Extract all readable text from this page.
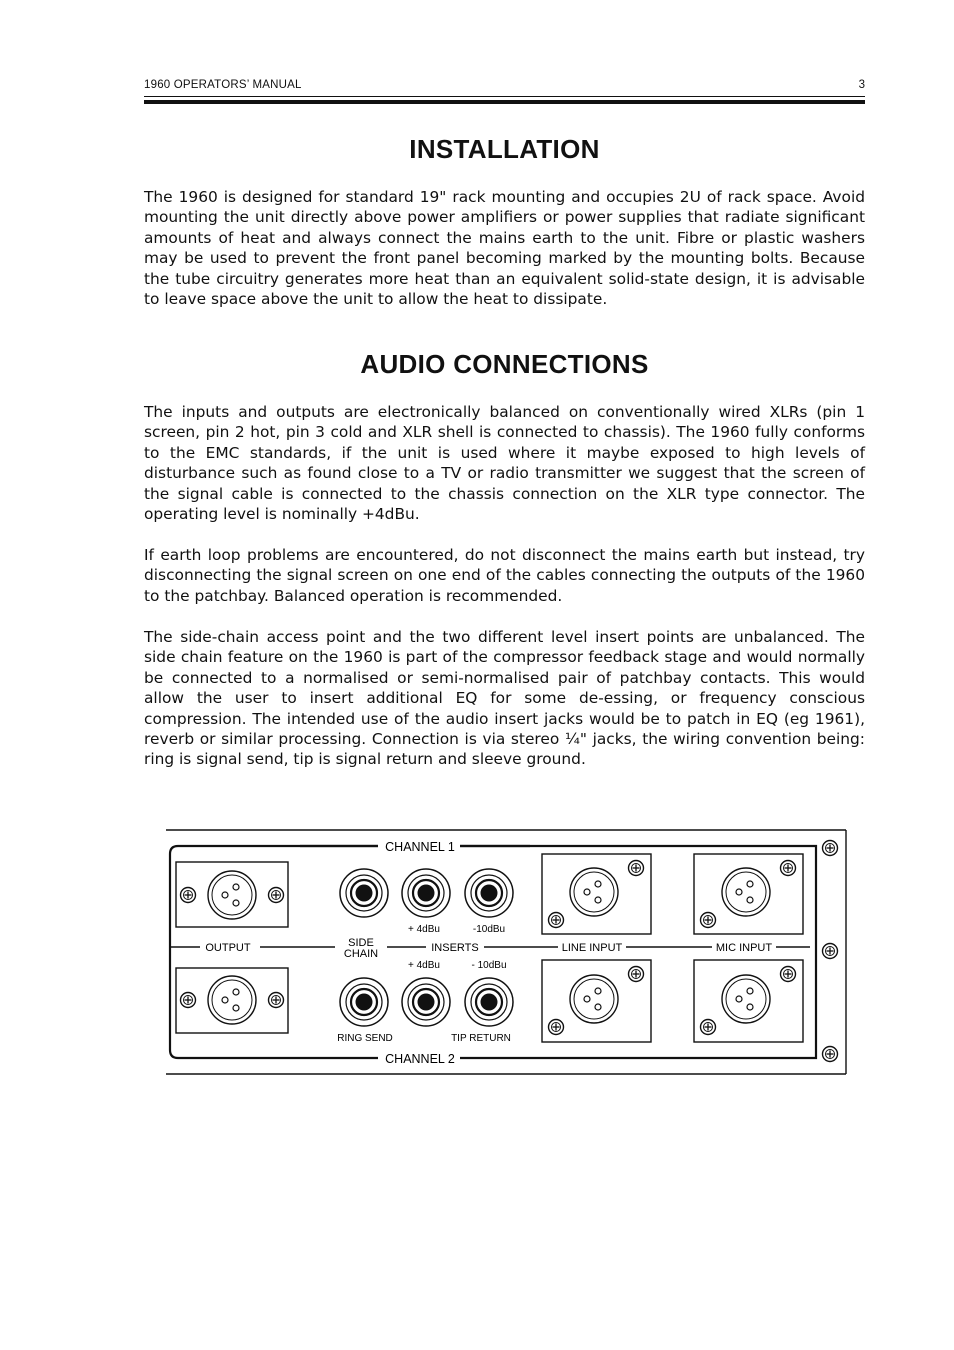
1960 OPERATORS’ MANUAL	3
INSTALLATION

The 1960 is designed for standard 19" rack mounting and occupies 2U of rack space. Avoid mounting the unit directly above power amplifiers or power supplies that radiate significant amounts of heat and always connect the mains earth to the unit. Fibre or plastic washers may be used to prevent the front panel becoming marked by the mounting bolts. Because the tube circuitry generates more heat than an equivalent solid-state design, it is advisable to leave space above the unit to allow the heat to dissipate.

AUDIO CONNECTIONS

The inputs and outputs are electronically balanced on conventionally wired XLRs (pin 1 screen, pin 2 hot, pin 3 cold and XLR shell is connected to chassis). The 1960 fully conforms to the EMC standards, if the unit is used where it maybe exposed to high levels of disturbance such as found close to a TV or radio transmitter we suggest that the screen of the signal cable is connected to the chassis connection on the XLR type connector. The operating level is nominally +4dBu.

If earth loop problems are encountered, do not disconnect the mains earth but instead, try disconnecting the signal screen on one end of the cables connecting the outputs of the 1960 to the patchbay. Balanced operation is recommended.

The side-chain access point and the two different level insert points are unbalanced. The side chain feature on the 1960 is part of the compressor feedback stage and would normally be connected to a normalised or semi-normalised pair of patchbay contacts. This would allow the user to insert additional EQ for some de-essing, or frequency conscious compression. The intended use of the audio insert jacks would be to patch in EQ (eg 1961), reverb or similar processing. Connection is via stereo ¼" jacks, the wiring convention being: ring is signal send, tip is signal return and sleeve ground.

CHANNEL 1
CHANNEL 2
OUTPUT	SIDE
CHAIN	INSERTS	LINE INPUT	MIC INPUT
+ 4dBu	-10dBu
+ 4dBu	- 10dBu
RING SEND	TIP RETURN
